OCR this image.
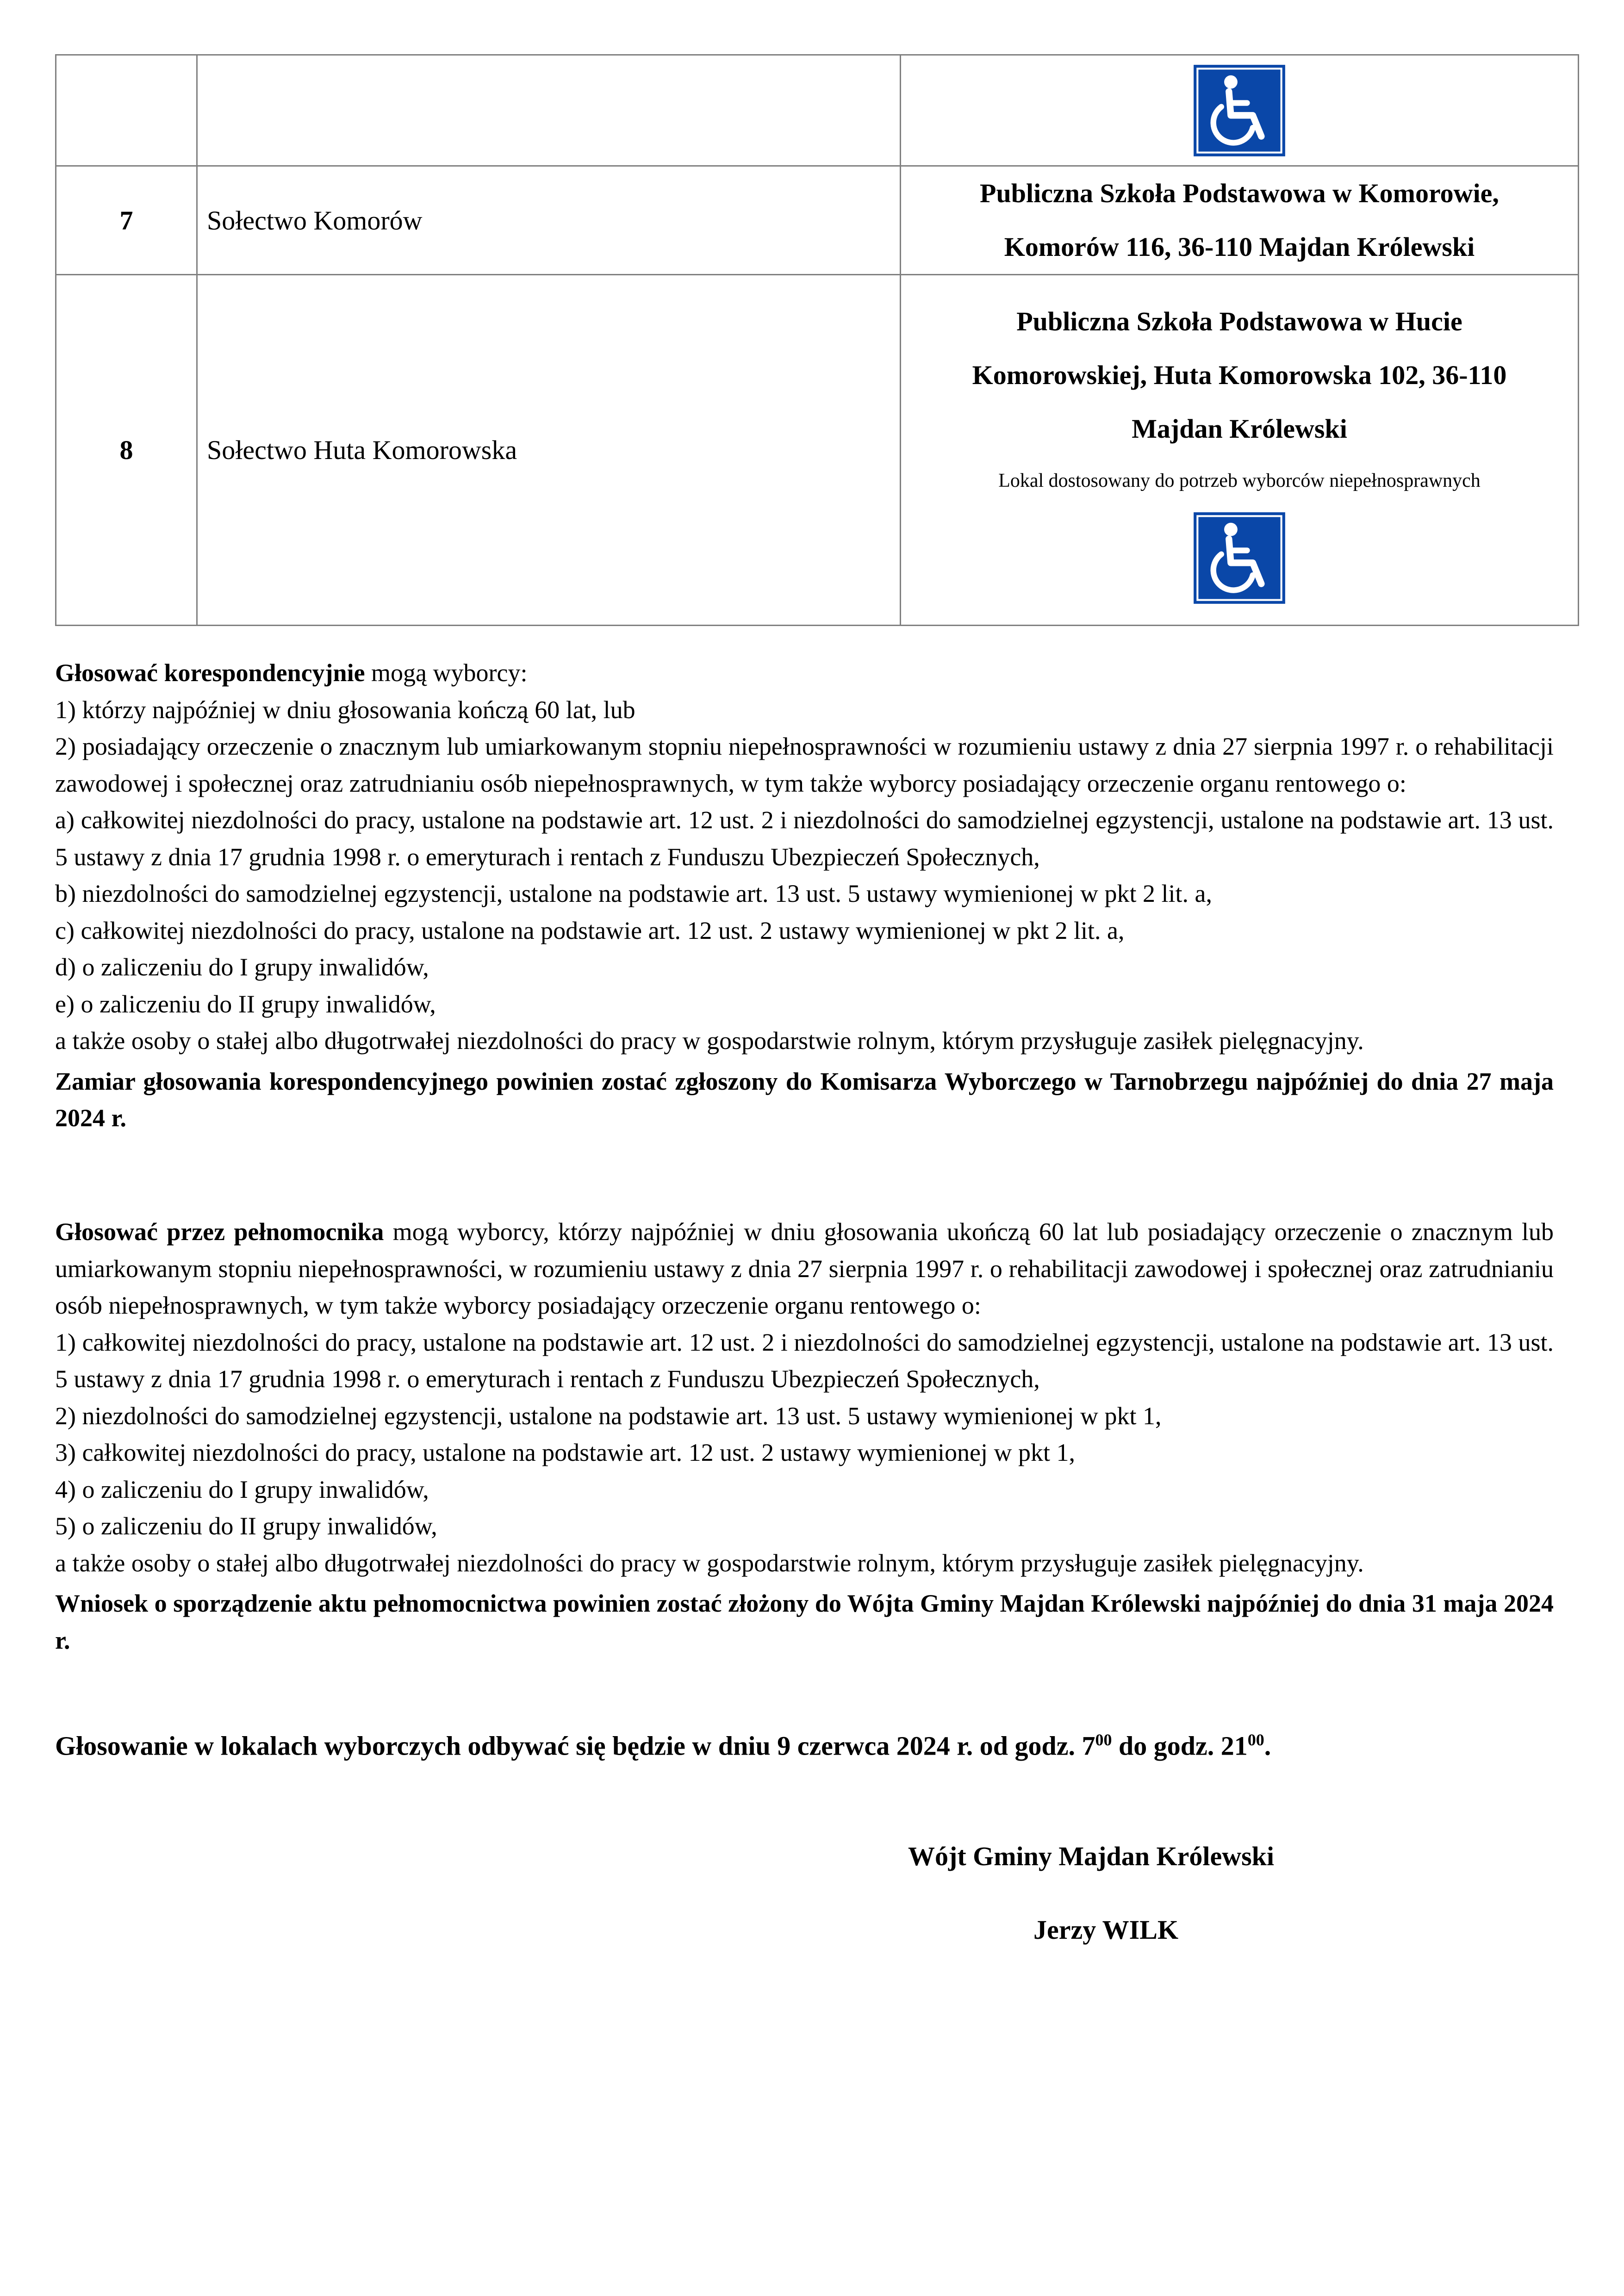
7	Sołectwo Komorów	Publiczna Szkoła Podstawowa w Komorowie,
Komorów 116, 36-110 Majdan Królewski

8	Sołectwo Huta Komorowska	Publiczna Szkoła Podstawowa w Hucie
Komorowskiej, Huta Komorowska 102, 36-110
Majdan Królewski
Lokal dostosowany do potrzeb wyborców niepełnosprawnych

Głosować korespondencyjnie mogą wyborcy:

1) którzy najpóźniej w dniu głosowania kończą 60 lat, lub

2) posiadający orzeczenie o znacznym lub umiarkowanym stopniu niepełnosprawności w rozumieniu ustawy z dnia 27 sierpnia 1997 r. o rehabilitacji zawodowej i społecznej oraz zatrudnianiu osób niepełnosprawnych, w tym także wyborcy posiadający orzeczenie organu rentowego o:

a) całkowitej niezdolności do pracy, ustalone na podstawie art. 12 ust. 2 i niezdolności do samodzielnej egzystencji, ustalone na podstawie art. 13 ust. 5 ustawy z dnia 17 grudnia 1998 r. o emeryturach i rentach z Funduszu Ubezpieczeń Społecznych,

b) niezdolności do samodzielnej egzystencji, ustalone na podstawie art. 13 ust. 5 ustawy wymienionej w pkt 2 lit. a,

c) całkowitej niezdolności do pracy, ustalone na podstawie art. 12 ust. 2 ustawy wymienionej w pkt 2 lit. a,

d) o zaliczeniu do I grupy inwalidów,

e) o zaliczeniu do II grupy inwalidów,

a także osoby o stałej albo długotrwałej niezdolności do pracy w gospodarstwie rolnym, którym przysługuje zasiłek pielęgnacyjny.

Zamiar głosowania korespondencyjnego powinien zostać zgłoszony do Komisarza Wyborczego w Tarnobrzegu najpóźniej do dnia 27 maja 2024 r.

Głosować przez pełnomocnika mogą wyborcy, którzy najpóźniej w dniu głosowania ukończą 60 lat lub posiadający orzeczenie o znacznym lub umiarkowanym stopniu niepełnosprawności, w rozumieniu ustawy z dnia 27 sierpnia 1997 r. o rehabilitacji zawodowej i społecznej oraz zatrudnianiu osób niepełnosprawnych, w tym także wyborcy posiadający orzeczenie organu rentowego o:

1) całkowitej niezdolności do pracy, ustalone na podstawie art. 12 ust. 2 i niezdolności do samodzielnej egzystencji, ustalone na podstawie art. 13 ust. 5 ustawy z dnia 17 grudnia 1998 r. o emeryturach i rentach z Funduszu Ubezpieczeń Społecznych,

2) niezdolności do samodzielnej egzystencji, ustalone na podstawie art. 13 ust. 5 ustawy wymienionej w pkt 1,

3) całkowitej niezdolności do pracy, ustalone na podstawie art. 12 ust. 2 ustawy wymienionej w pkt 1,

4) o zaliczeniu do I grupy inwalidów,

5) o zaliczeniu do II grupy inwalidów,

a także osoby o stałej albo długotrwałej niezdolności do pracy w gospodarstwie rolnym, którym przysługuje zasiłek pielęgnacyjny.

Wniosek o sporządzenie aktu pełnomocnictwa powinien zostać złożony do Wójta Gminy Majdan Królewski najpóźniej do dnia 31 maja 2024 r.

Głosowanie w lokalach wyborczych odbywać się będzie w dniu 9 czerwca 2024 r. od godz. $7^{00}$ do godz. $21^{00}$.
Wójt Gminy Majdan Królewski
Jerzy WILK
